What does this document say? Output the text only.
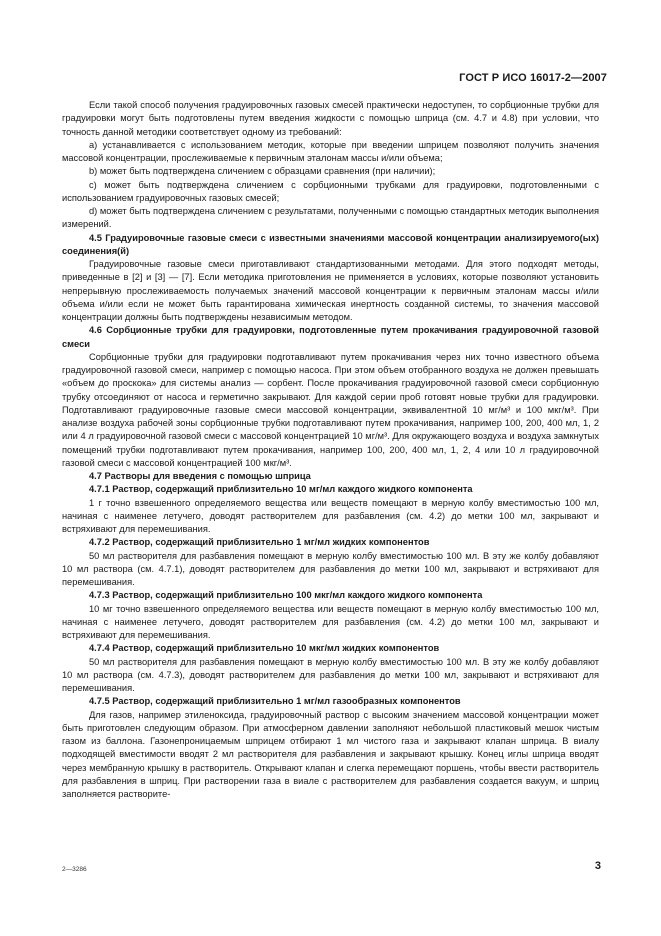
ГОСТ Р ИСО 16017-2—2007

Если такой способ получения градуировочных газовых смесей практически недоступен, то сорбционные трубки для градуировки могут быть подготовлены путем введения жидкости с помощью шприца (см. 4.7 и 4.8) при условии, что точность данной методики соответствует одному из требований:

a) устанавливается с использованием методик, которые при введении шприцем позволяют получить значения массовой концентрации, прослеживаемые к первичным эталонам массы и/или объема;

b) может быть подтверждена сличением с образцами сравнения (при наличии);

c) может быть подтверждена сличением с сорбционными трубками для градуировки, подготовленными с использованием градуировочных газовых смесей;

d) может быть подтверждена сличением с результатами, полученными с помощью стандартных методик выполнения измерений.

4.5 Градуировочные газовые смеси с известными значениями массовой концентрации анализируемого(ых) соединения(й)

Градуировочные газовые смеси приготавливают стандартизованными методами. Для этого подходят методы, приведенные в [2] и [3] — [7]. Если методика приготовления не применяется в условиях, которые позволяют установить непрерывную прослеживаемость получаемых значений массовой концентрации к первичным эталонам массы и/или объема и/или если не может быть гарантирована химическая инертность созданной системы, то значения массовой концентрации должны быть подтверждены независимым методом.

4.6 Сорбционные трубки для градуировки, подготовленные путем прокачивания градуировочной газовой смеси

Сорбционные трубки для градуировки подготавливают путем прокачивания через них точно известного объема градуировочной газовой смеси, например с помощью насоса. При этом объем отобранного воздуха не должен превышать «объем до проскока» для системы анализ — сорбент. После прокачивания градуировочной газовой смеси сорбционную трубку отсоединяют от насоса и герметично закрывают. Для каждой серии проб готовят новые трубки для градуировки. Подготавливают градуировочные газовые смеси массовой концентрации, эквивалентной 10 мг/м³ и 100 мкг/м³. При анализе воздуха рабочей зоны сорбционные трубки подготавливают путем прокачивания, например 100, 200, 400 мл, 1, 2 или 4 л градуировочной газовой смеси с массовой концентрацией 10 мг/м³. Для окружающего воздуха и воздуха замкнутых помещений трубки подготавливают путем прокачивания, например 100, 200, 400 мл, 1, 2, 4 или 10 л градуировочной газовой смеси с массовой концентрацией 100 мкг/м³.

4.7 Растворы для введения с помощью шприца

4.7.1 Раствор, содержащий приблизительно 10 мг/мл каждого жидкого компонента

1 г точно взвешенного определяемого вещества или веществ помещают в мерную колбу вместимостью 100 мл, начиная с наименее летучего, доводят растворителем для разбавления (см. 4.2) до метки 100 мл, закрывают и встряхивают для перемешивания.

4.7.2 Раствор, содержащий приблизительно 1 мг/мл жидких компонентов

50 мл растворителя для разбавления помещают в мерную колбу вместимостью 100 мл. В эту же колбу добавляют 10 мл раствора (см. 4.7.1), доводят растворителем для разбавления до метки 100 мл, закрывают и встряхивают для перемешивания.

4.7.3 Раствор, содержащий приблизительно 100 мкг/мл каждого жидкого компонента

10 мг точно взвешенного определяемого вещества или веществ помещают в мерную колбу вместимостью 100 мл, начиная с наименее летучего, доводят растворителем для разбавления (см. 4.2) до метки 100 мл, закрывают и встряхивают для перемешивания.

4.7.4 Раствор, содержащий приблизительно 10 мкг/мл жидких компонентов

50 мл растворителя для разбавления помещают в мерную колбу вместимостью 100 мл. В эту же колбу добавляют 10 мл раствора (см. 4.7.3), доводят растворителем для разбавления до метки 100 мл, закрывают и встряхивают для перемешивания.

4.7.5 Раствор, содержащий приблизительно 1 мг/мл газообразных компонентов

Для газов, например этиленоксида, градуировочный раствор с высоким значением массовой концентрации может быть приготовлен следующим образом. При атмосферном давлении заполняют небольшой пластиковый мешок чистым газом из баллона. Газонепроницаемым шприцем отбирают 1 мл чистого газа и закрывают клапан шприца. В виалу подходящей вместимости вводят 2 мл растворителя для разбавления и закрывают крышку. Конец иглы шприца вводят через мембранную крышку в растворитель. Открывают клапан и слегка перемещают поршень, чтобы ввести растворитель для разбавления в шприц. При растворении газа в виале с растворителем для разбавления создается вакуум, и шприц заполняется растворите-

2—3286	3
